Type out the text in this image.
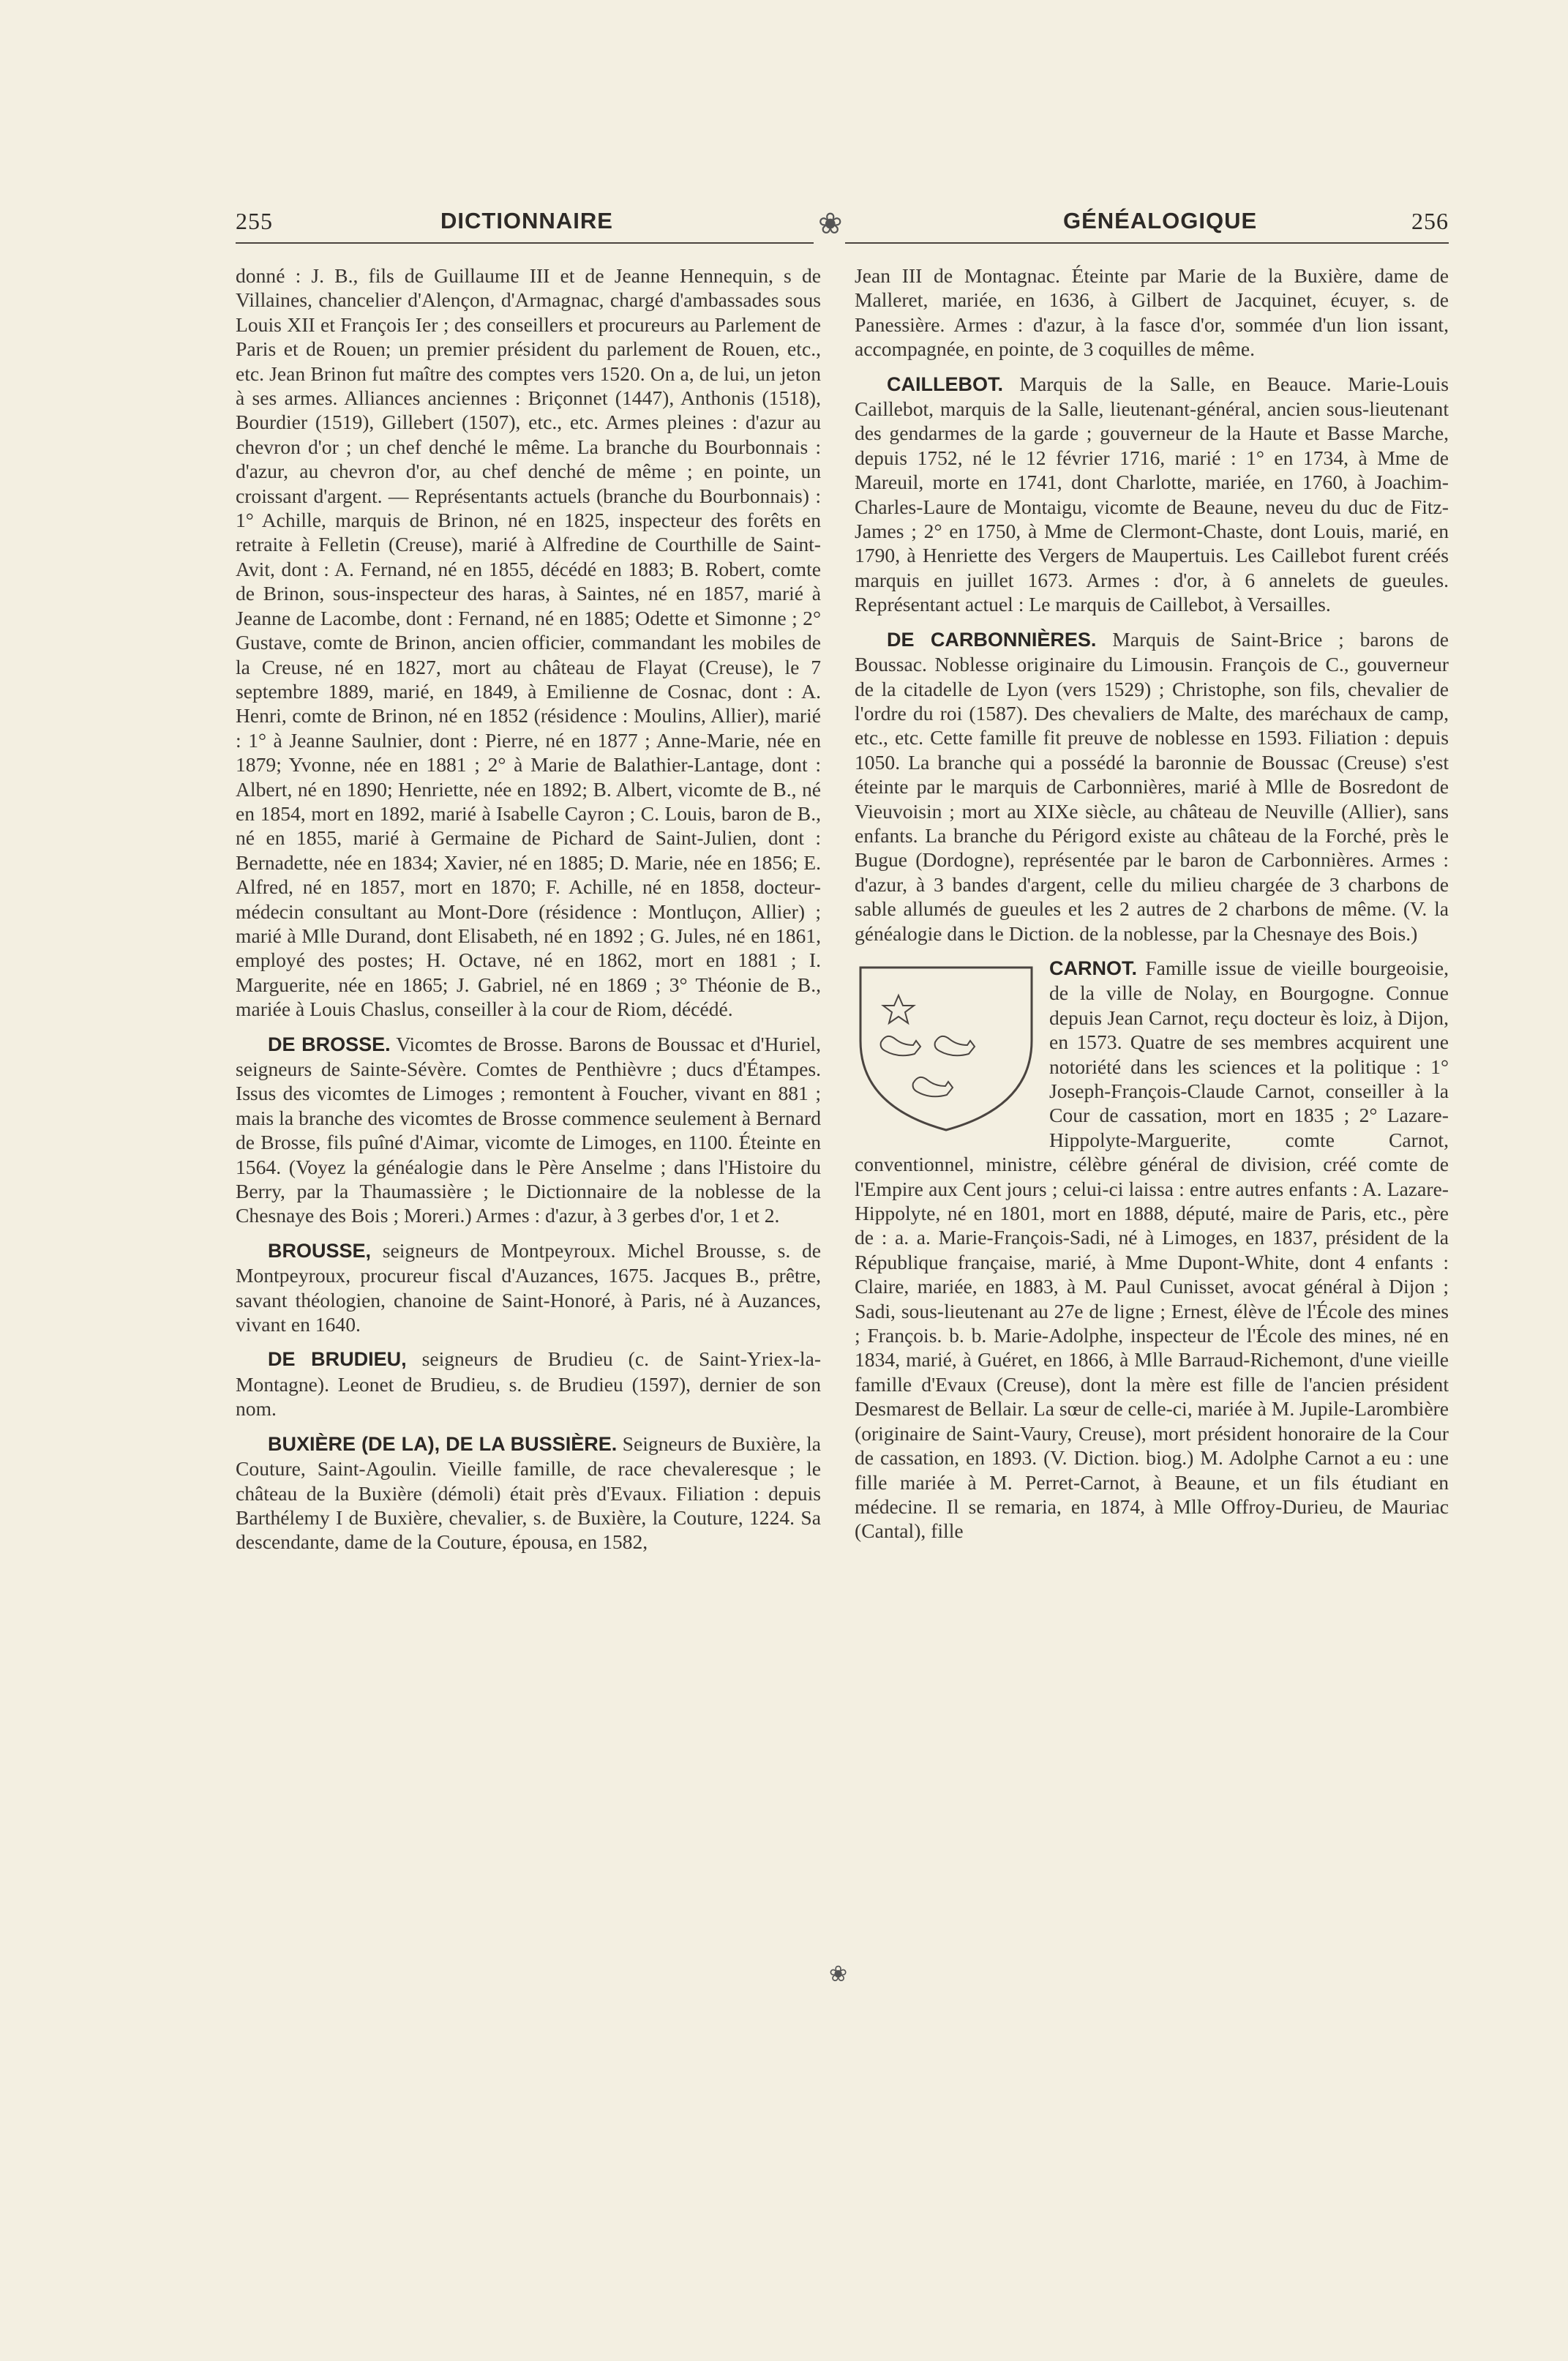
255	DICTIONNAIRE	❀	GÉNÉALOGIQUE	256

donné : J. B., fils de Guillaume III et de Jeanne Hennequin, s de Villaines, chancelier d'Alençon, d'Armagnac, chargé d'ambassades sous Louis XII et François Ier ; des conseillers et procureurs au Parlement de Paris et de Rouen; un premier président du parlement de Rouen, etc., etc. Jean Brinon fut maître des comptes vers 1520. On a, de lui, un jeton à ses armes. Alliances anciennes : Briçonnet (1447), Anthonis (1518), Bourdier (1519), Gillebert (1507), etc., etc. Armes pleines : d'azur au chevron d'or ; un chef denché le même. La branche du Bourbonnais : d'azur, au chevron d'or, au chef denché de même ; en pointe, un croissant d'argent. — Représentants actuels (branche du Bourbonnais) : 1° Achille, marquis de Brinon, né en 1825, inspecteur des forêts en retraite à Felletin (Creuse), marié à Alfredine de Courthille de Saint-Avit, dont : A. Fernand, né en 1855, décédé en 1883; B. Robert, comte de Brinon, sous-inspecteur des haras, à Saintes, né en 1857, marié à Jeanne de Lacombe, dont : Fernand, né en 1885; Odette et Simonne ; 2° Gustave, comte de Brinon, ancien officier, commandant les mobiles de la Creuse, né en 1827, mort au château de Flayat (Creuse), le 7 septembre 1889, marié, en 1849, à Emilienne de Cosnac, dont : A. Henri, comte de Brinon, né en 1852 (résidence : Moulins, Allier), marié : 1° à Jeanne Saulnier, dont : Pierre, né en 1877 ; Anne-Marie, née en 1879; Yvonne, née en 1881 ; 2° à Marie de Balathier-Lantage, dont : Albert, né en 1890; Henriette, née en 1892; B. Albert, vicomte de B., né en 1854, mort en 1892, marié à Isabelle Cayron ; C. Louis, baron de B., né en 1855, marié à Germaine de Pichard de Saint-Julien, dont : Bernadette, née en 1834; Xavier, né en 1885; D. Marie, née en 1856; E. Alfred, né en 1857, mort en 1870; F. Achille, né en 1858, docteur-médecin consultant au Mont-Dore (résidence : Montluçon, Allier) ; marié à Mlle Durand, dont Elisabeth, né en 1892 ; G. Jules, né en 1861, employé des postes; H. Octave, né en 1862, mort en 1881 ; I. Marguerite, née en 1865; J. Gabriel, né en 1869 ; 3° Théonie de B., mariée à Louis Chaslus, conseiller à la cour de Riom, décédé.

DE BROSSE. Vicomtes de Brosse. Barons de Boussac et d'Huriel, seigneurs de Sainte-Sévère. Comtes de Penthièvre ; ducs d'Étampes. Issus des vicomtes de Limoges ; remontent à Foucher, vivant en 881 ; mais la branche des vicomtes de Brosse commence seulement à Bernard de Brosse, fils puîné d'Aimar, vicomte de Limoges, en 1100. Éteinte en 1564. (Voyez la généalogie dans le Père Anselme ; dans l'Histoire du Berry, par la Thaumassière ; le Dictionnaire de la noblesse de la Chesnaye des Bois ; Moreri.) Armes : d'azur, à 3 gerbes d'or, 1 et 2.

BROUSSE, seigneurs de Montpeyroux. Michel Brousse, s. de Montpeyroux, procureur fiscal d'Auzances, 1675. Jacques B., prêtre, savant théologien, chanoine de Saint-Honoré, à Paris, né à Auzances, vivant en 1640.

DE BRUDIEU, seigneurs de Brudieu (c. de Saint-Yriex-la-Montagne). Leonet de Brudieu, s. de Brudieu (1597), dernier de son nom.

BUXIÈRE (DE LA), DE LA BUSSIÈRE. Seigneurs de Buxière, la Couture, Saint-Agoulin. Vieille famille, de race chevaleresque ; le château de la Buxière (démoli) était près d'Evaux. Filiation : depuis Barthélemy I de Buxière, chevalier, s. de Buxière, la Couture, 1224. Sa descendante, dame de la Couture, épousa, en 1582,

❀

Jean III de Montagnac. Éteinte par Marie de la Buxière, dame de Malleret, mariée, en 1636, à Gilbert de Jacquinet, écuyer, s. de Panessière. Armes : d'azur, à la fasce d'or, sommée d'un lion issant, accompagnée, en pointe, de 3 coquilles de même.

CAILLEBOT. Marquis de la Salle, en Beauce. Marie-Louis Caillebot, marquis de la Salle, lieutenant-général, ancien sous-lieutenant des gendarmes de la garde ; gouverneur de la Haute et Basse Marche, depuis 1752, né le 12 février 1716, marié : 1° en 1734, à Mme de Mareuil, morte en 1741, dont Charlotte, mariée, en 1760, à Joachim-Charles-Laure de Montaigu, vicomte de Beaune, neveu du duc de Fitz-James ; 2° en 1750, à Mme de Clermont-Chaste, dont Louis, marié, en 1790, à Henriette des Vergers de Maupertuis. Les Caillebot furent créés marquis en juillet 1673. Armes : d'or, à 6 annelets de gueules. Représentant actuel : Le marquis de Caillebot, à Versailles.

DE CARBONNIÈRES. Marquis de Saint-Brice ; barons de Boussac. Noblesse originaire du Limousin. François de C., gouverneur de la citadelle de Lyon (vers 1529) ; Christophe, son fils, chevalier de l'ordre du roi (1587). Des chevaliers de Malte, des maréchaux de camp, etc., etc. Cette famille fit preuve de noblesse en 1593. Filiation : depuis 1050. La branche qui a possédé la baronnie de Boussac (Creuse) s'est éteinte par le marquis de Carbonnières, marié à Mlle de Bosredont de Vieuvoisin ; mort au XIXe siècle, au château de Neuville (Allier), sans enfants. La branche du Périgord existe au château de la Forché, près le Bugue (Dordogne), représentée par le baron de Carbonnières. Armes : d'azur, à 3 bandes d'argent, celle du milieu chargée de 3 charbons de sable allumés de gueules et les 2 autres de 2 charbons de même. (V. la généalogie dans le Diction. de la noblesse, par la Chesnaye des Bois.)

CARNOT. Famille issue de vieille bourgeoisie, de la ville de Nolay, en Bourgogne. Connue depuis Jean Carnot, reçu docteur ès loiz, à Dijon, en 1573. Quatre de ses membres acquirent une notoriété dans les sciences et la politique : 1° Joseph-François-Claude Carnot, conseiller à la Cour de cassation, mort en 1835 ; 2° Lazare-Hippolyte-Marguerite, comte Carnot, conventionnel, ministre, célèbre général de division, créé comte de l'Empire aux Cent jours ; celui-ci laissa : entre autres enfants : A. Lazare-Hippolyte, né en 1801, mort en 1888, député, maire de Paris, etc., père de : a. a. Marie-François-Sadi, né à Limoges, en 1837, président de la République française, marié, à Mme Dupont-White, dont 4 enfants : Claire, mariée, en 1883, à M. Paul Cunisset, avocat général à Dijon ; Sadi, sous-lieutenant au 27e de ligne ; Ernest, élève de l'École des mines ; François. b. b. Marie-Adolphe, inspecteur de l'École des mines, né en 1834, marié, à Guéret, en 1866, à Mlle Barraud-Richemont, d'une vieille famille d'Evaux (Creuse), dont la mère est fille de l'ancien président Desmarest de Bellair. La sœur de celle-ci, mariée à M. Jupile-Larombière (originaire de Saint-Vaury, Creuse), mort président honoraire de la Cour de cassation, en 1893. (V. Diction. biog.) M. Adolphe Carnot a eu : une fille mariée à M. Perret-Carnot, à Beaune, et un fils étudiant en médecine. Il se remaria, en 1874, à Mlle Offroy-Durieu, de Mauriac (Cantal), fille
